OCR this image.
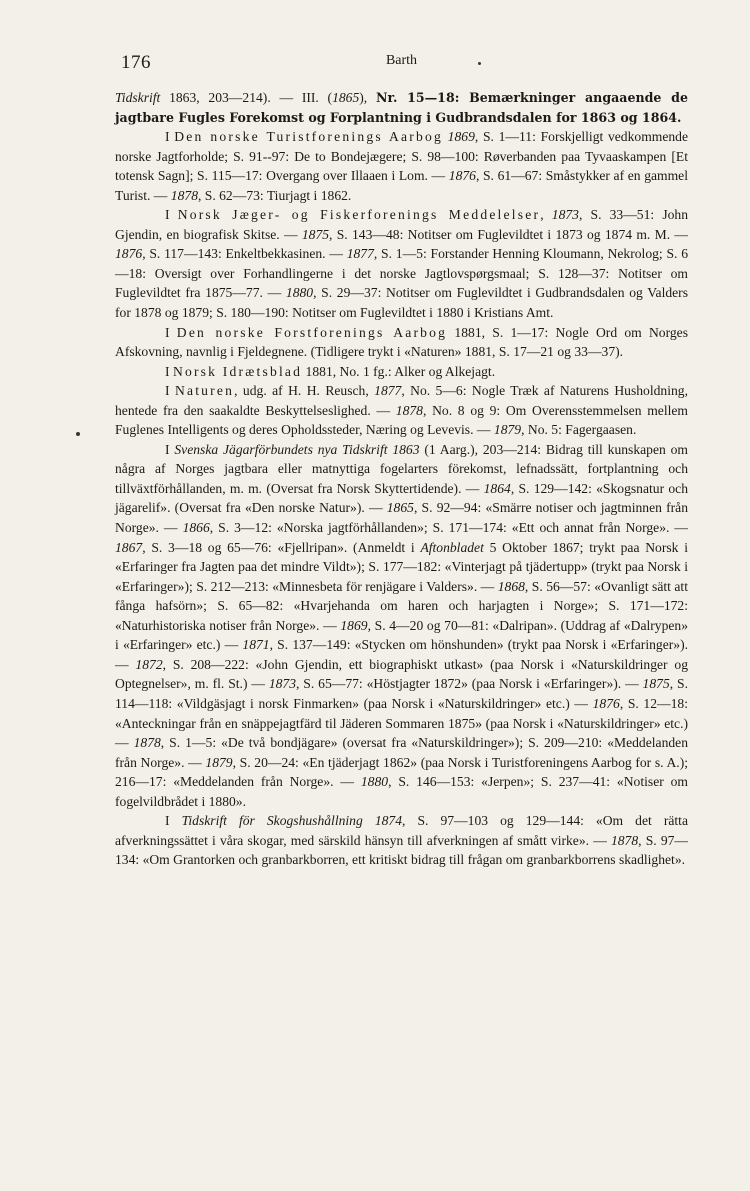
176	Barth

Tidskrift 1863, 203—214). — III. (1865), Nr. 15—18: Bemærkninger angaaende de jagtbare Fugles Forekomst og Forplantning i Gudbrandsdalen for 1863 og 1864.

I Den norske Turistforenings Aarbog 1869, S. 1—11: Forskjelligt vedkommende norske Jagtforholde; S. 91--97: De to Bondejægere; S. 98—100: Røverbanden paa Tyvaaskampen [Et totensk Sagn]; S. 115—17: Overgang over Illaaen i Lom. — 1876, S. 61—67: Småstykker af en gammel Turist. — 1878, S. 62—73: Tiurjagt i 1862.

I Norsk Jæger- og Fiskerforenings Meddelelser, 1873, S. 33—51: John Gjendin, en biografisk Skitse. — 1875, S. 143—48: Notitser om Fuglevildtet i 1873 og 1874 m. M. — 1876, S. 117—143: Enkeltbekkasinen. — 1877, S. 1—5: Forstander Henning Kloumann, Nekrolog; S. 6—18: Oversigt over Forhandlingerne i det norske Jagtlovspørgsmaal; S. 128—37: Notitser om Fuglevildtet fra 1875—77. — 1880, S. 29—37: Notitser om Fuglevildtet i Gudbrandsdalen og Valders for 1878 og 1879; S. 180—190: Notitser om Fuglevildtet i 1880 i Kristians Amt.

I Den norske Forstforenings Aarbog 1881, S. 1—17: Nogle Ord om Norges Afskovning, navnlig i Fjeldegnene. (Tidligere trykt i «Naturen» 1881, S. 17—21 og 33—37).

I Norsk Idrætsblad 1881, No. 1 fg.: Alker og Alkejagt.

I Naturen, udg. af H. H. Reusch, 1877, No. 5—6: Nogle Træk af Naturens Husholdning, hentede fra den saakaldte Beskyttelseslighed. — 1878, No. 8 og 9: Om Overensstemmelsen mellem Fuglenes Intelligents og deres Opholdssteder, Næring og Levevis. — 1879, No. 5: Fagergaasen.

I Svenska Jägarförbundets nya Tidskrift 1863 (1 Aarg.), 203—214: Bidrag till kunskapen om några af Norges jagtbara eller matnyttiga fogelarters förekomst, lefnadssätt, fortplantning och tillväxtförhållanden, m. m. (Oversat fra Norsk Skyttertidende). — 1864, S. 129—142: «Skogsnatur och jägarelif». (Oversat fra «Den norske Natur»). — 1865, S. 92—94: «Smärre notiser och jagtminnen från Norge». — 1866, S. 3—12: «Norska jagtförhållanden»; S. 171—174: «Ett och annat från Norge». — 1867, S. 3—18 og 65—76: «Fjellripan». (Anmeldt i Aftonbladet 5 Oktober 1867; trykt paa Norsk i «Erfaringer fra Jagten paa det mindre Vildt»); S. 177—182: «Vinterjagt på tjädertupp» (trykt paa Norsk i «Erfaringer»); S. 212—213: «Minnesbeta för renjägare i Valders». — 1868, S. 56—57: «Ovanligt sätt att fånga hafsörn»; S. 65—82: «Hvarjehanda om haren och harjagten i Norge»; S. 171—172: «Naturhistoriska notiser från Norge». — 1869, S. 4—20 og 70—81: «Dalripan». (Uddrag af «Dalrypen» i «Erfaringer» etc.) — 1871, S. 137—149: «Stycken om hönshunden» (trykt paa Norsk i «Erfaringer»). — 1872, S. 208—222: «John Gjendin, ett biographiskt utkast» (paa Norsk i «Naturskildringer og Optegnelser», m. fl. St.) — 1873, S. 65—77: «Höstjagter 1872» (paa Norsk i «Erfaringer»). — 1875, S. 114—118: «Vildgäsjagt i norsk Finmarken» (paa Norsk i «Naturskildringer» etc.) — 1876, S. 12—18: «Anteckningar från en snäppejagtfärd til Jäderen Sommaren 1875» (paa Norsk i «Naturskildringer» etc.) — 1878, S. 1—5: «De två bondjägare» (oversat fra «Naturskildringer»); S. 209—210: «Meddelanden från Norge». — 1879, S. 20—24: «En tjäderjagt 1862» (paa Norsk i Turistforeningens Aarbog for s. A.); 216—17: «Meddelanden från Norge». — 1880, S. 146—153: «Jerpen»; S. 237—41: «Notiser om fogelvildbrådet i 1880».

I Tidskrift för Skogshushållning 1874, S. 97—103 og 129—144: «Om det rätta afverkningssättet i våra skogar, med särskild hänsyn till afverkningen af smått virke». — 1878, S. 97—134: «Om Grantorken och granbarkborren, ett kritiskt bidrag till frågan om granbarkborrens skadlighet».
